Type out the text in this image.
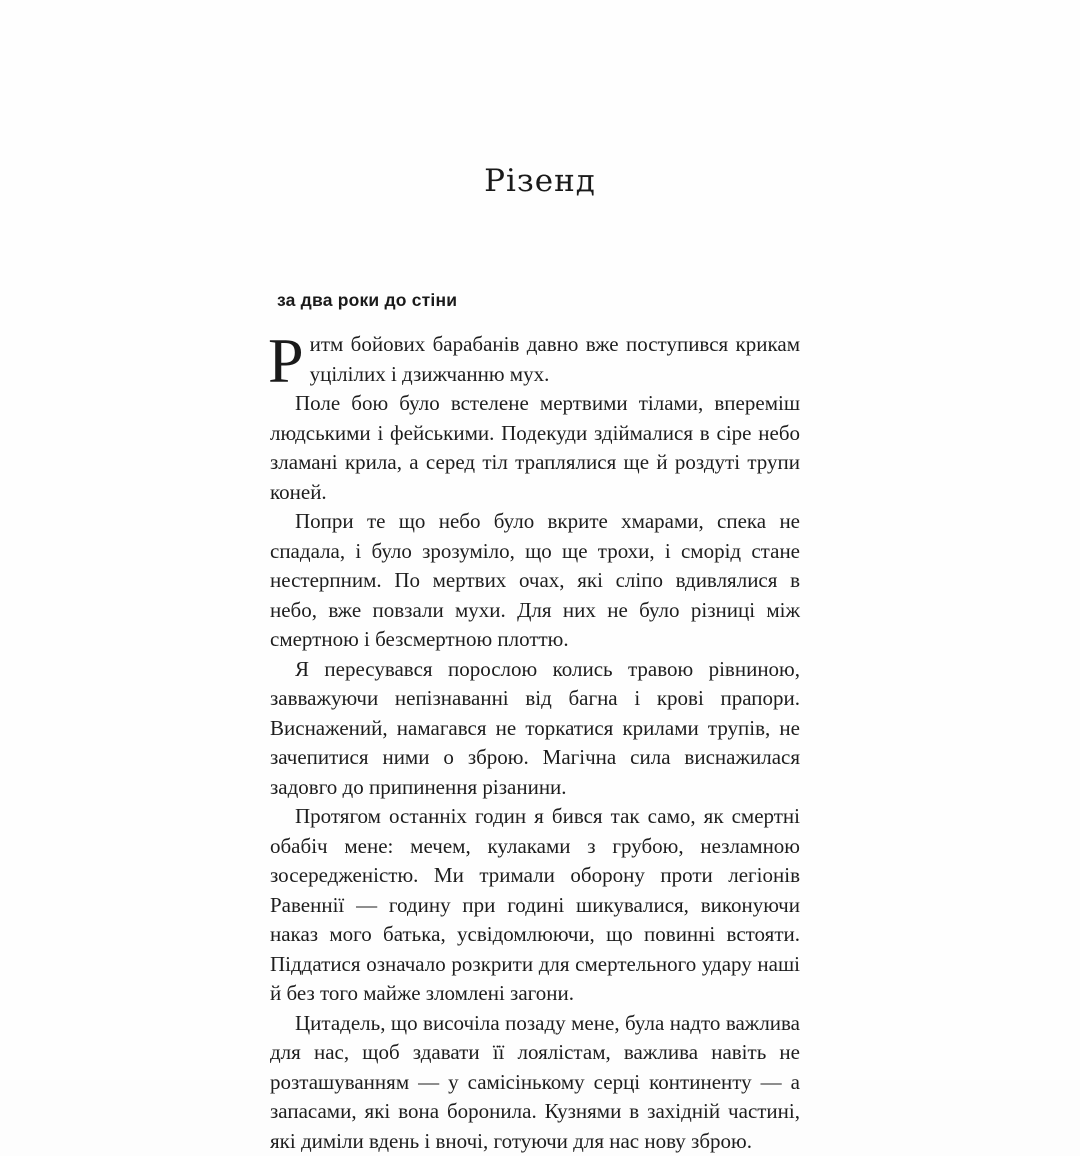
Різенд
за два роки до стіни

Ритм бойових барабанів давно вже поступився крикам уцілілих і дзижчанню мух.

Поле бою було встелене мертвими тілами, впереміш людськими і фейськими. Подекуди здіймалися в сіре небо зламані крила, а серед тіл траплялися ще й роздуті трупи коней.

Попри те що небо було вкрите хмарами, спека не спадала, і було зрозуміло, що ще трохи, і сморід стане нестерпним. По мертвих очах, які сліпо вдивлялися в небо, вже повзали мухи. Для них не було різниці між смертною і безсмертною плоттю.

Я пересувався порослою колись травою рівниною, завважуючи непізнаванні від багна і крові прапори. Виснажений, намагався не торкатися крилами трупів, не зачепитися ними о зброю. Магічна сила виснажилася задовго до припинення різанини.

Протягом останніх годин я бився так само, як смертні обабіч мене: мечем, кулаками з грубою, незламною зосередженістю. Ми тримали оборону проти легіонів Равеннії — годину при годині шикувалися, виконуючи наказ мого батька, усвідомлюючи, що повинні встояти. Піддатися означало розкрити для смертельного удару наші й без того майже зломлені загони.

Цитадель, що височіла позаду мене, була надто важлива для нас, щоб здавати її лоялістам, важлива навіть не розташуванням — у самісінькому серці континенту — а запасами, які вона боронила. Кузнями в західній частині, які диміли вдень і вночі, готуючи для нас нову зброю.
